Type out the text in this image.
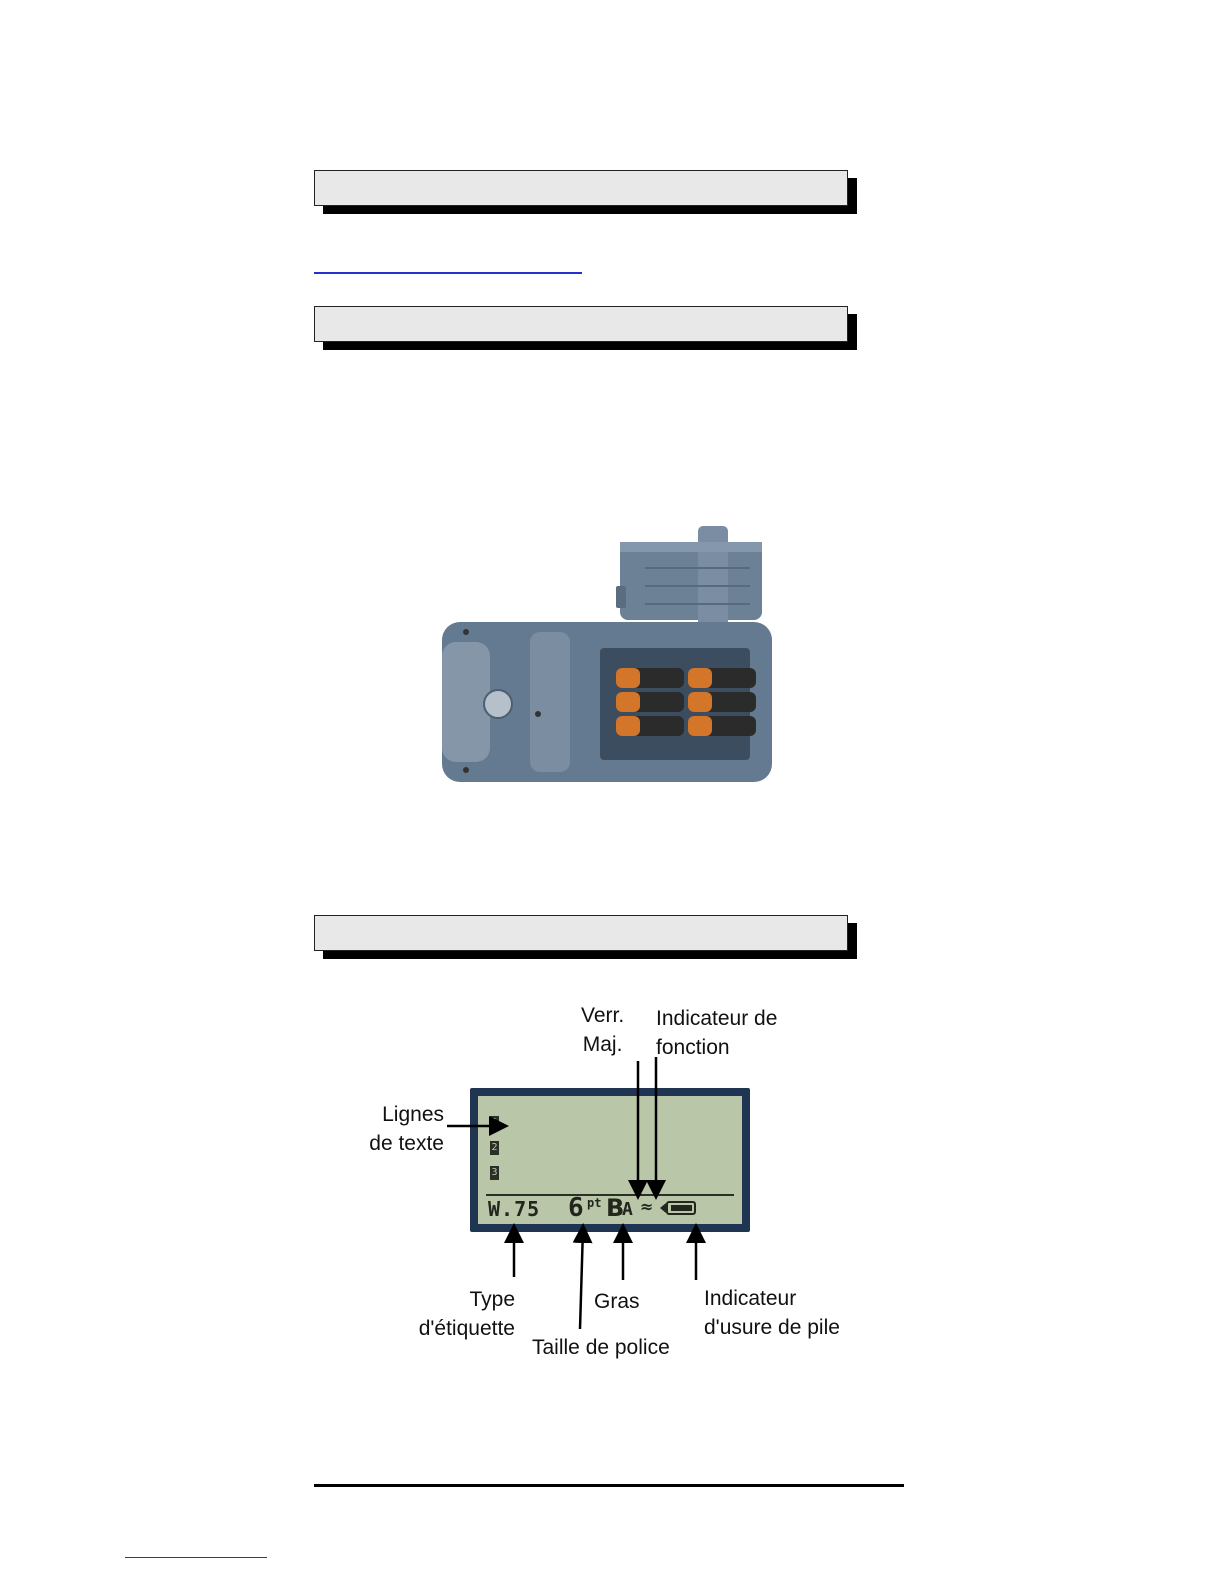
1
2
3
W.75 6 pt B
A ≈
Verr.
Maj.
Indicateur de
fonction
Lignes
de texte
Type
d'étiquette
Gras
Taille de police
Indicateur
d'usure de pile
